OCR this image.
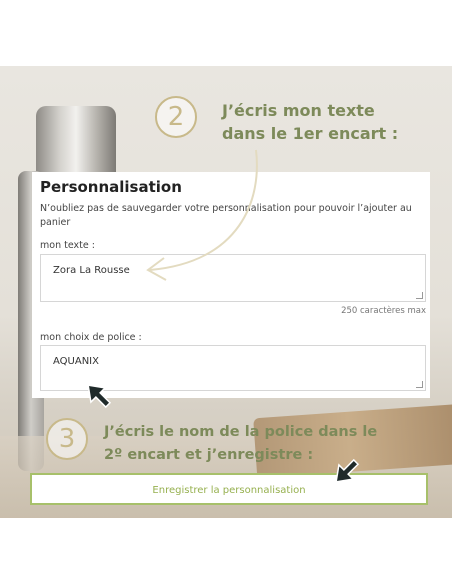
2	J’écris mon texte
dans le 1er encart :
Personnalisation
N’oubliez pas de sauvegarder votre personnalisation pour pouvoir l’ajouter au panier
mon texte :
Zora La Rousse
250 caractères max
mon choix de police :
AQUANIX
3	J’écris le nom de la police dans le
2º encart et j’enregistre :
Enregistrer la personnalisation
